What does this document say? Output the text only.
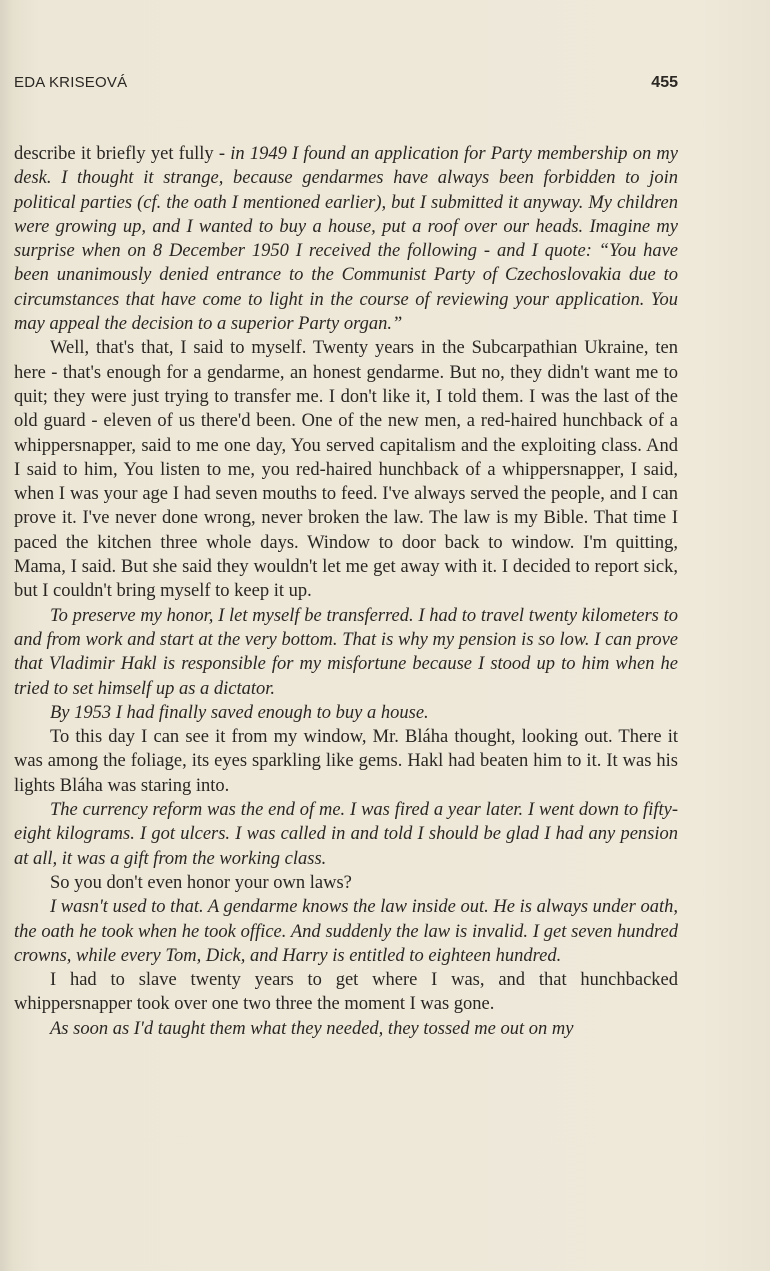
EDA KRISEOVÁ	455

describe it briefly yet fully - in 1949 I found an application for Party membership on my desk. I thought it strange, because gendarmes have always been forbidden to join political parties (cf. the oath I mentioned earlier), but I submitted it anyway. My children were growing up, and I wanted to buy a house, put a roof over our heads. Imagine my surprise when on 8 December 1950 I received the following - and I quote: “You have been unanimously denied entrance to the Communist Party of Czechoslovakia due to circumstances that have come to light in the course of reviewing your application. You may appeal the decision to a superior Party organ.”

Well, that's that, I said to myself. Twenty years in the Subcarpathian Ukraine, ten here - that's enough for a gendarme, an honest gendarme. But no, they didn't want me to quit; they were just trying to transfer me. I don't like it, I told them. I was the last of the old guard - eleven of us there'd been. One of the new men, a red-haired hunchback of a whippersnapper, said to me one day, You served capitalism and the exploiting class. And I said to him, You listen to me, you red-haired hunchback of a whippersnapper, I said, when I was your age I had seven mouths to feed. I've always served the people, and I can prove it. I've never done wrong, never broken the law. The law is my Bible. That time I paced the kitchen three whole days. Window to door back to window. I'm quitting, Mama, I said. But she said they wouldn't let me get away with it. I decided to report sick, but I couldn't bring myself to keep it up.

To preserve my honor, I let myself be transferred. I had to travel twenty kilometers to and from work and start at the very bottom. That is why my pension is so low. I can prove that Vladimir Hakl is responsible for my misfortune because I stood up to him when he tried to set himself up as a dictator.

By 1953 I had finally saved enough to buy a house.

To this day I can see it from my window, Mr. Bláha thought, looking out. There it was among the foliage, its eyes sparkling like gems. Hakl had beaten him to it. It was his lights Bláha was staring into.

The currency reform was the end of me. I was fired a year later. I went down to fifty-eight kilograms. I got ulcers. I was called in and told I should be glad I had any pension at all, it was a gift from the working class.

So you don't even honor your own laws?

I wasn't used to that. A gendarme knows the law inside out. He is always under oath, the oath he took when he took office. And suddenly the law is invalid. I get seven hundred crowns, while every Tom, Dick, and Harry is entitled to eighteen hundred.

I had to slave twenty years to get where I was, and that hunchbacked whippersnapper took over one two three the moment I was gone.

As soon as I'd taught them what they needed, they tossed me out on my
